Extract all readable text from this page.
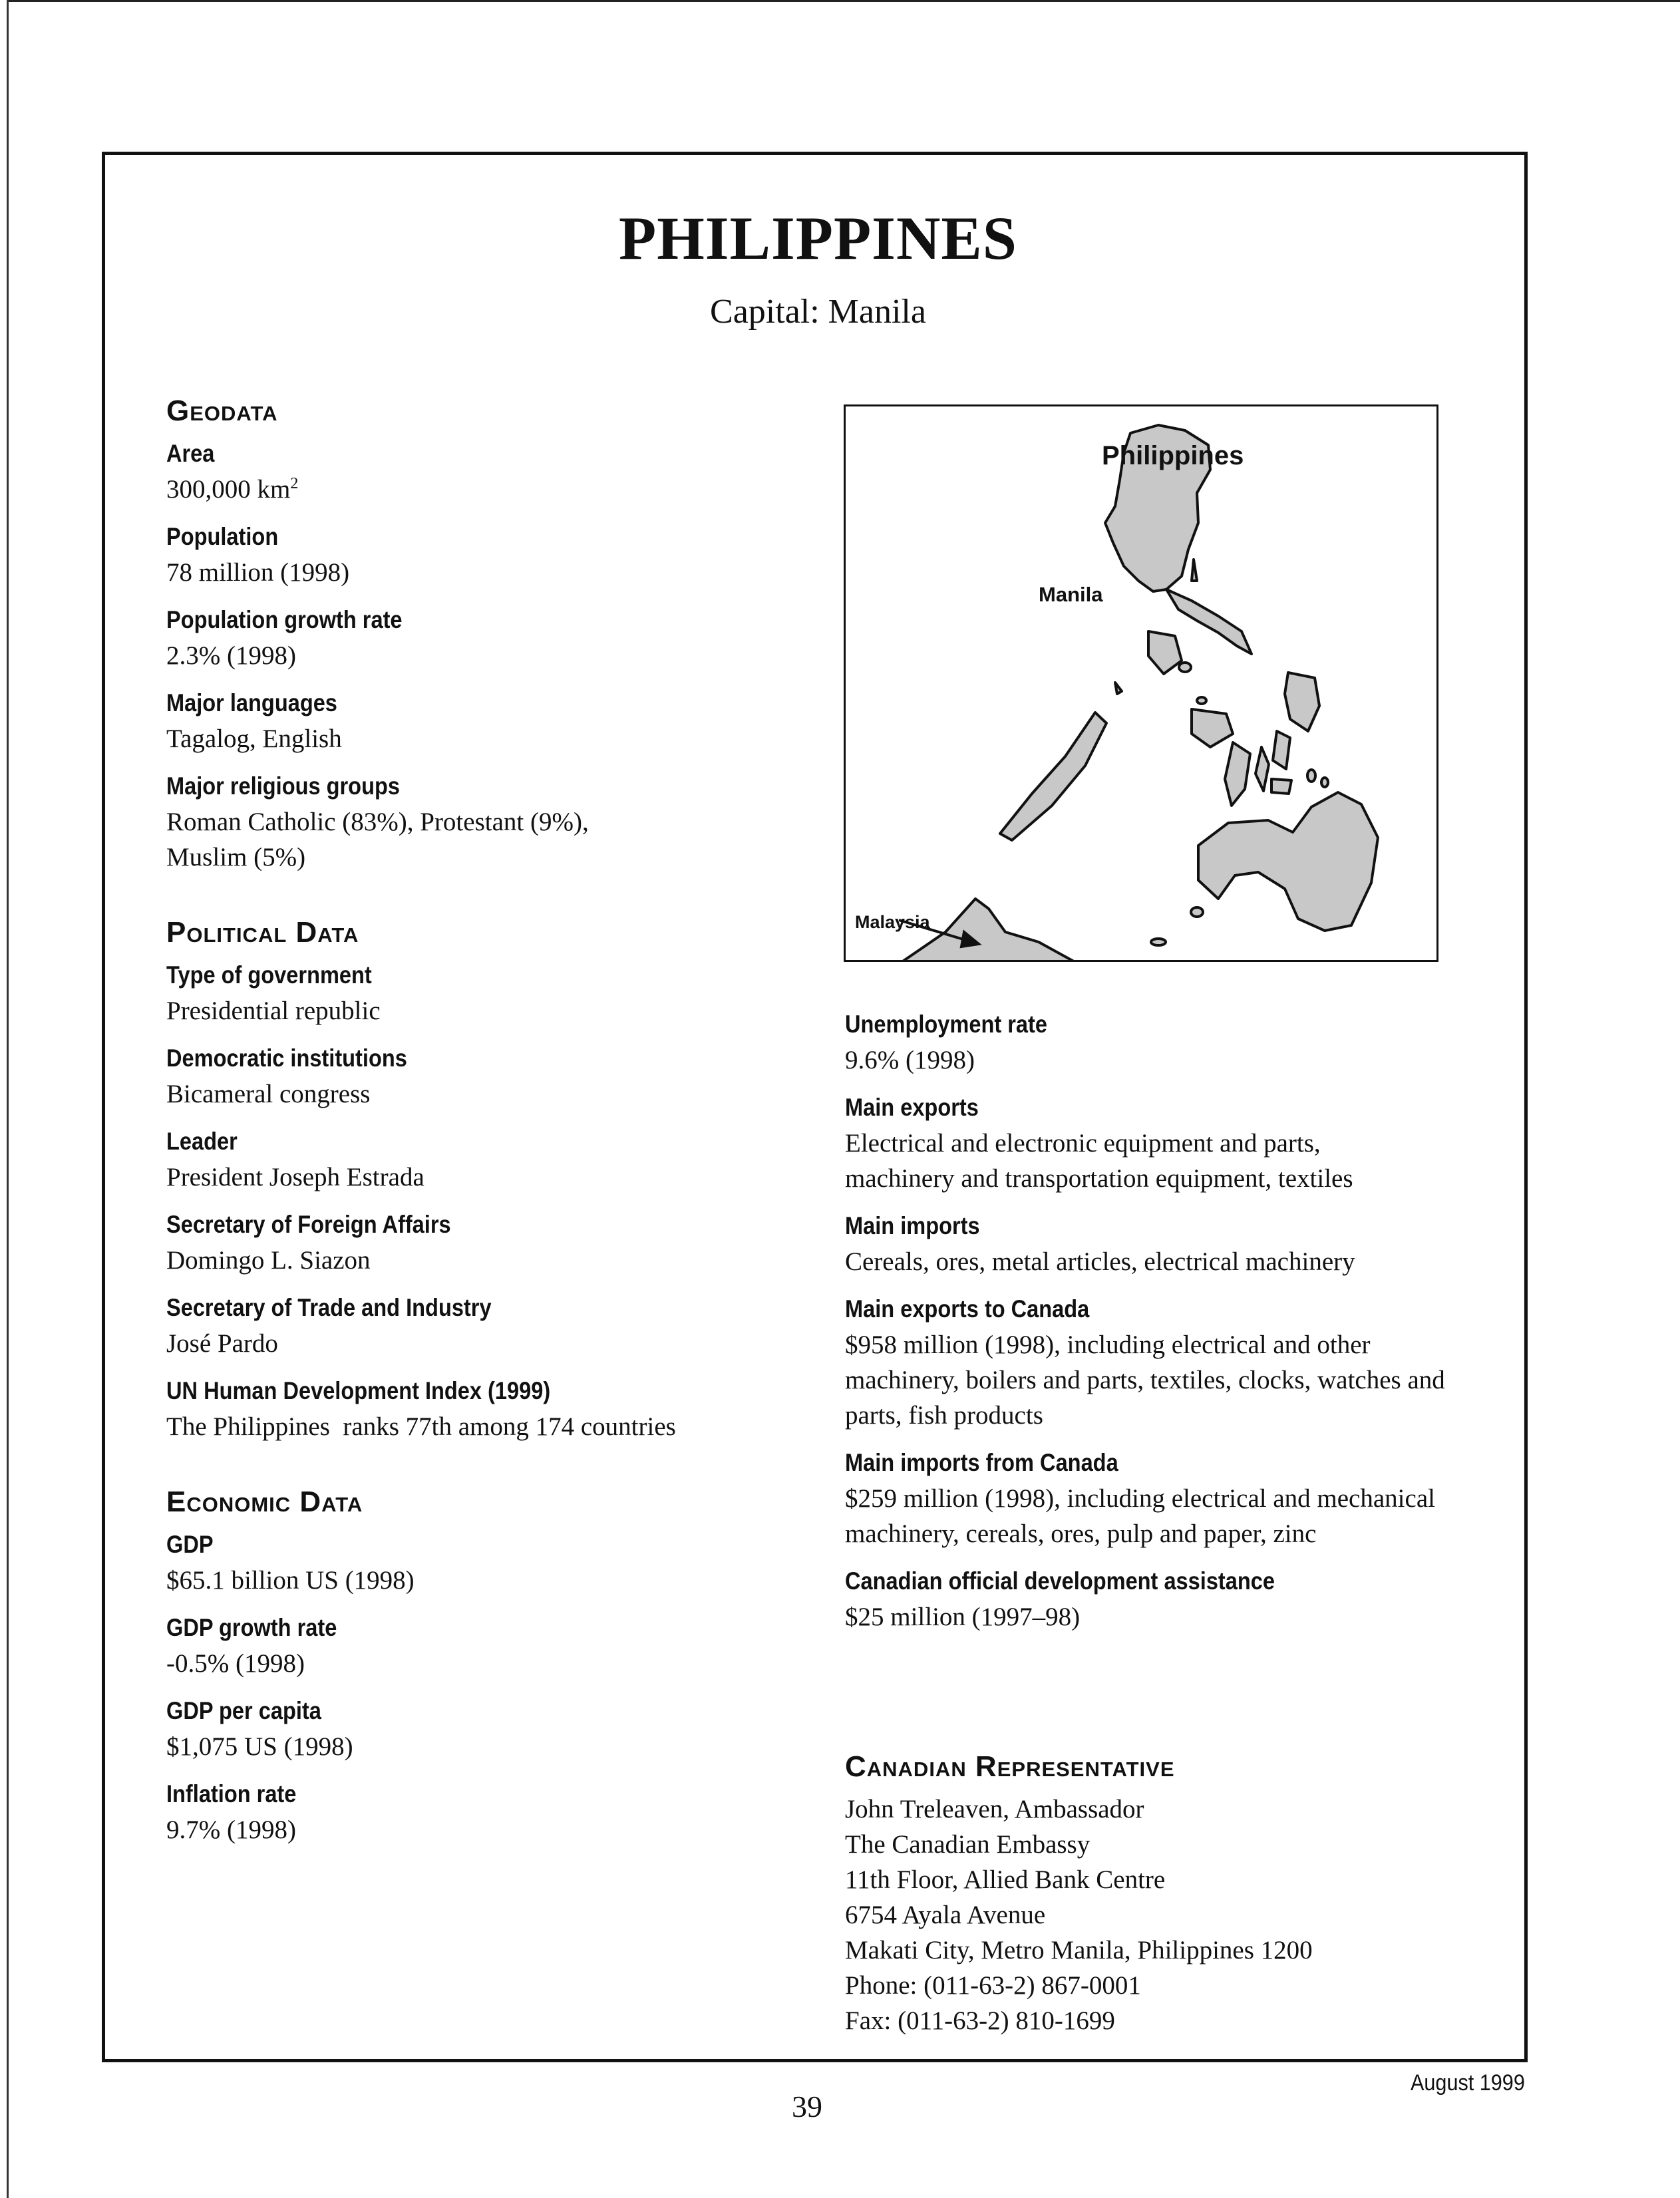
PHILIPPINES
Capital: Manila
Geodata
Area
300,000 $km^2$
Population
78 million (1998)
Population growth rate
2.3% (1998)
Major languages
Tagalog, English
Major religious groups
Roman Catholic (83%), Protestant (9%), Muslim (5%)
Political Data
Type of government
Presidential republic
Democratic institutions
Bicameral congress
Leader
President Joseph Estrada
Secretary of Foreign Affairs
Domingo L. Siazon
Secretary of Trade and Industry
José Pardo
UN Human Development Index (1999)
The Philippines  ranks 77th among 174 countries
Economic Data
GDP
$65.1 billion US (1998)
GDP growth rate
-0.5% (1998)
GDP per capita
$1,075 US (1998)
Inflation rate
9.7% (1998)
Philippines
Manila
Malaysia
Unemployment rate
9.6% (1998)
Main exports
Electrical and electronic equipment and parts, machinery and transportation equipment, textiles
Main imports
Cereals, ores, metal articles, electrical machinery
Main exports to Canada
$958 million (1998), including electrical and other machinery, boilers and parts, textiles, clocks, watches and parts, fish products
Main imports from Canada
$259 million (1998), including electrical and mechanical machinery, cereals, ores, pulp and paper, zinc
Canadian official development assistance
$25 million (1997–98)
Canadian Representative
John Treleaven, Ambassador
The Canadian Embassy
11th Floor, Allied Bank Centre
6754 Ayala Avenue
Makati City, Metro Manila, Philippines 1200
Phone: (011-63-2) 867-0001
Fax: (011-63-2) 810-1699
39
August 1999
